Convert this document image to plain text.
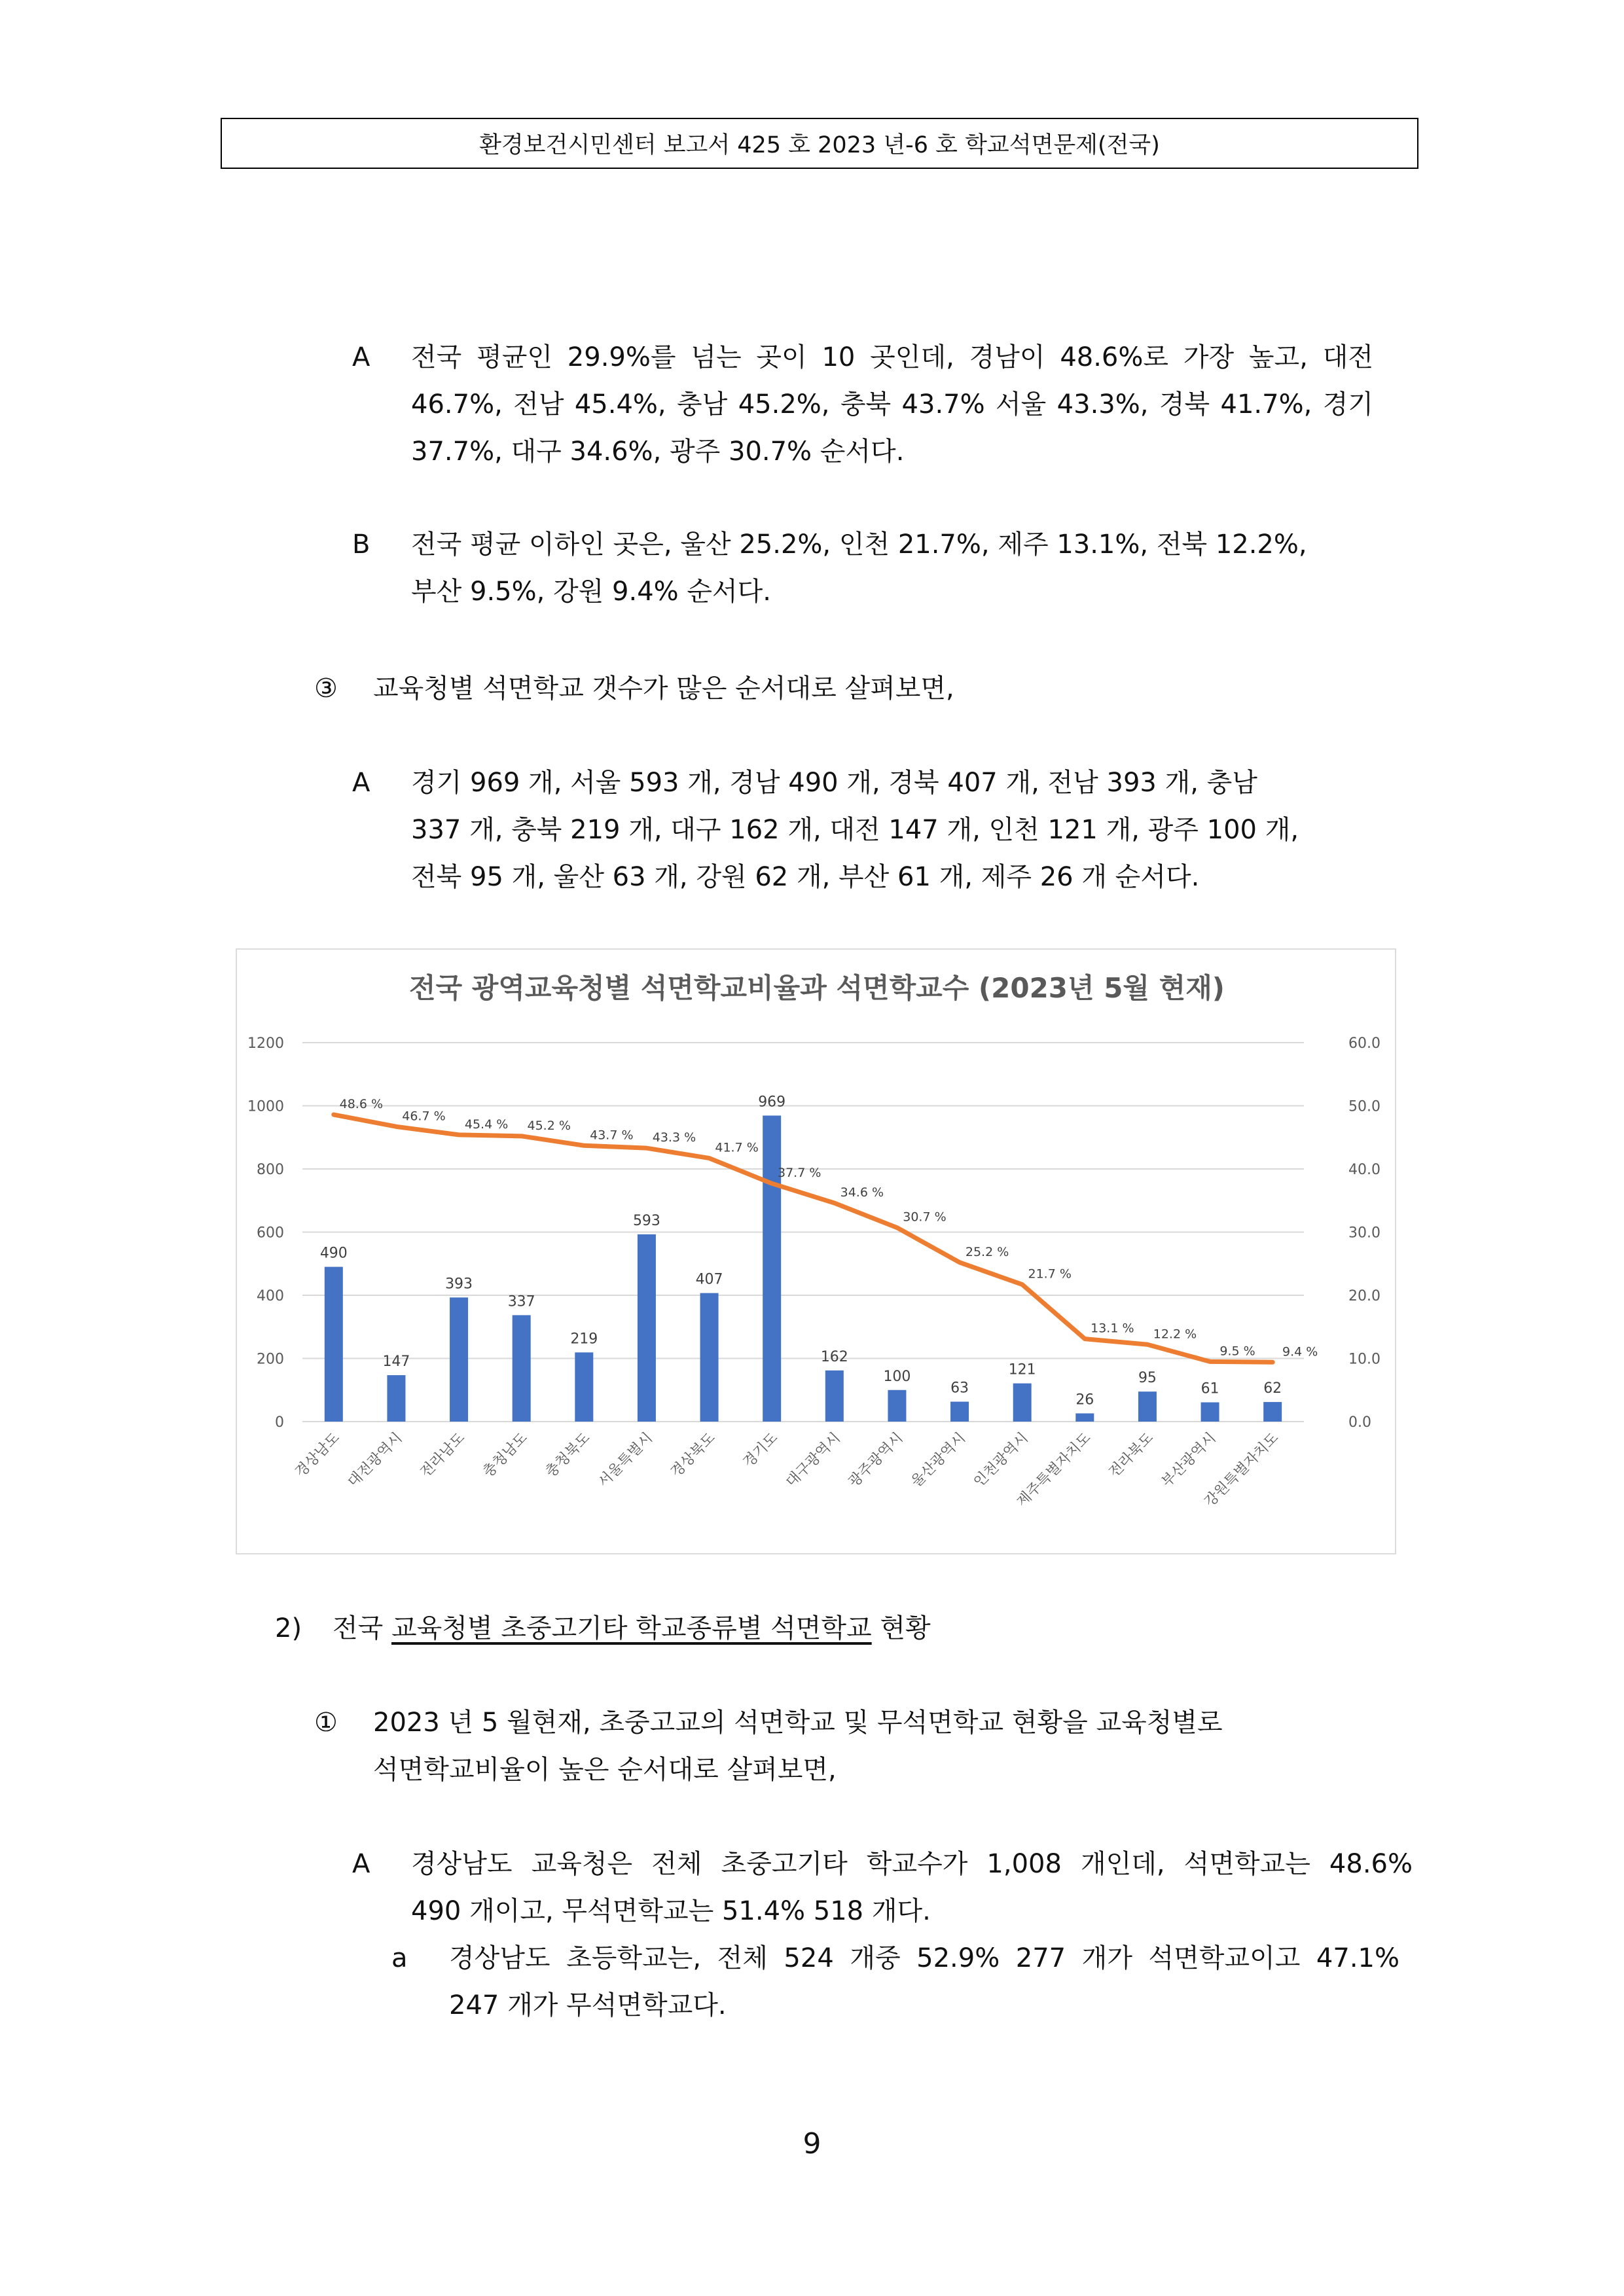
환경보건시민센터 보고서 425 호 2023 년-6 호 학교석면문제(전국)
A 전국 평균인 29.9%를 넘는 곳이 10 곳인데, 경남이 48.6%로 가장 높고, 대전
46.7%, 전남 45.4%, 충남 45.2%, 충북 43.7% 서울 43.3%, 경북 41.7%, 경기
37.7%, 대구 34.6%, 광주 30.7% 순서다.
B 전국 평균 이하인 곳은, 울산 25.2%, 인천 21.7%, 제주 13.1%, 전북 12.2%,
부산 9.5%, 강원 9.4% 순서다.
③ 교육청별 석면학교 갯수가 많은 순서대로 살펴보면,
A 경기 969 개, 서울 593 개, 경남 490 개, 경북 407 개, 전남 393 개, 충남
337 개, 충북 219 개, 대구 162 개, 대전 147 개, 인천 121 개, 광주 100 개,
전북 95 개, 울산 63 개, 강원 62 개, 부산 61 개, 제주 26 개 순서다.
전국 광역교육청별 석면학교비율과 석면학교수 (2023년 5월 현재)
0
200
400
600
800
1000
1200
0.0
10.0
20.0
30.0
40.0
50.0
60.0
490
147
393
337
219
593
407
969
162
100
63
121
26
95
61	62
48.6 %
46.7 %
45.4 % 45.2 %
43.7 % 43.3 %
41.7 %
37.7 %
34.6 %
30.7 %
25.2 %
21.7 %
13.1 % 12.2 %
9.5 % 9.4 %
경상남도 대전광역시 전라남도 충청남도 충청북도 서울특별시 경상북도 경기도 대구광역시 광주광역시 울산광역시 인천광역시
제주특별자치도 전라북도 부산광역시
강원특별자치도
2) 전국 교육청별 초중고기타 학교종류별 석면학교 현황
① 2023 년 5 월현재, 초중고교의 석면학교 및 무석면학교 현황을 교육청별로
석면학교비율이 높은 순서대로 살펴보면,
A 경상남도 교육청은 전체 초중고기타 학교수가 1,008 개인데, 석면학교는 48.6%
490 개이고, 무석면학교는 51.4% 518 개다.
a 경상남도 초등학교는, 전체 524 개중 52.9% 277 개가 석면학교이고 47.1%
247 개가 무석면학교다.
9
